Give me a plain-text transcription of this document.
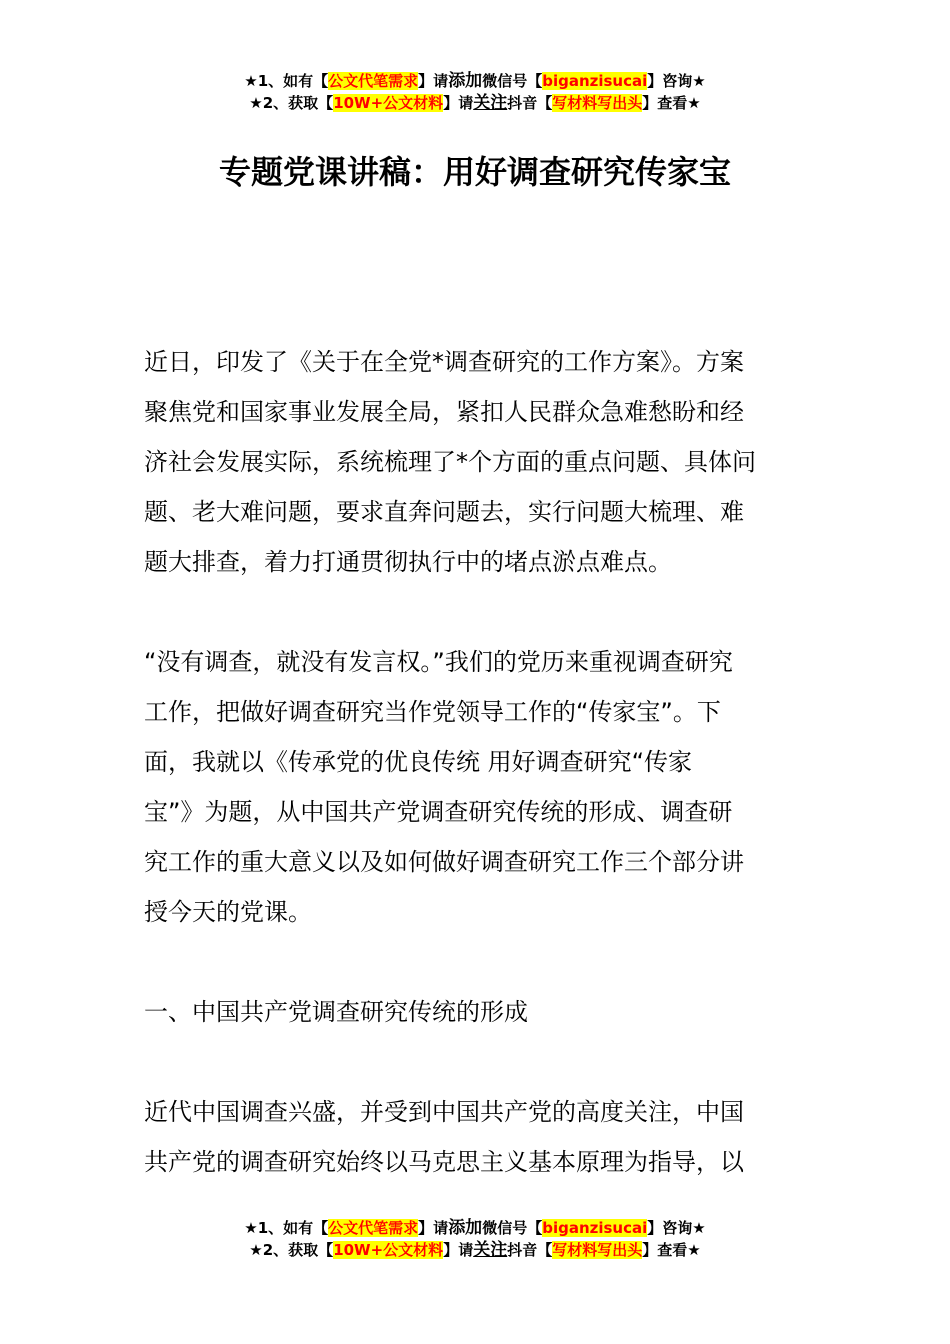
★1、如有【公文代笔需求】请添加微信号【biganzisucai】咨询★
★2、获取【10W+公文材料】请关注抖音【写材料写出头】查看★
专题党课讲稿：用好调查研究传家宝
近日，印发了《关于在全党*调查研究的工作方案》。方案
聚焦党和国家事业发展全局，紧扣人民群众急难愁盼和经
济社会发展实际，系统梳理了*个方面的重点问题、具体问
题、老大难问题，要求直奔问题去，实行问题大梳理、难
题大排查，着力打通贯彻执行中的堵点淤点难点。
“没有调查，就没有发言权。”我们的党历来重视调查研究
工作，把做好调查研究当作党领导工作的“传家宝”。下
面，我就以《传承党的优良传统 用好调查研究“传家
宝”》为题，从中国共产党调查研究传统的形成、调查研
究工作的重大意义以及如何做好调查研究工作三个部分讲
授今天的党课。
一、中国共产党调查研究传统的形成
近代中国调查兴盛，并受到中国共产党的高度关注，中国
共产党的调查研究始终以马克思主义基本原理为指导，以
★1、如有【公文代笔需求】请添加微信号【biganzisucai】咨询★
★2、获取【10W+公文材料】请关注抖音【写材料写出头】查看★
